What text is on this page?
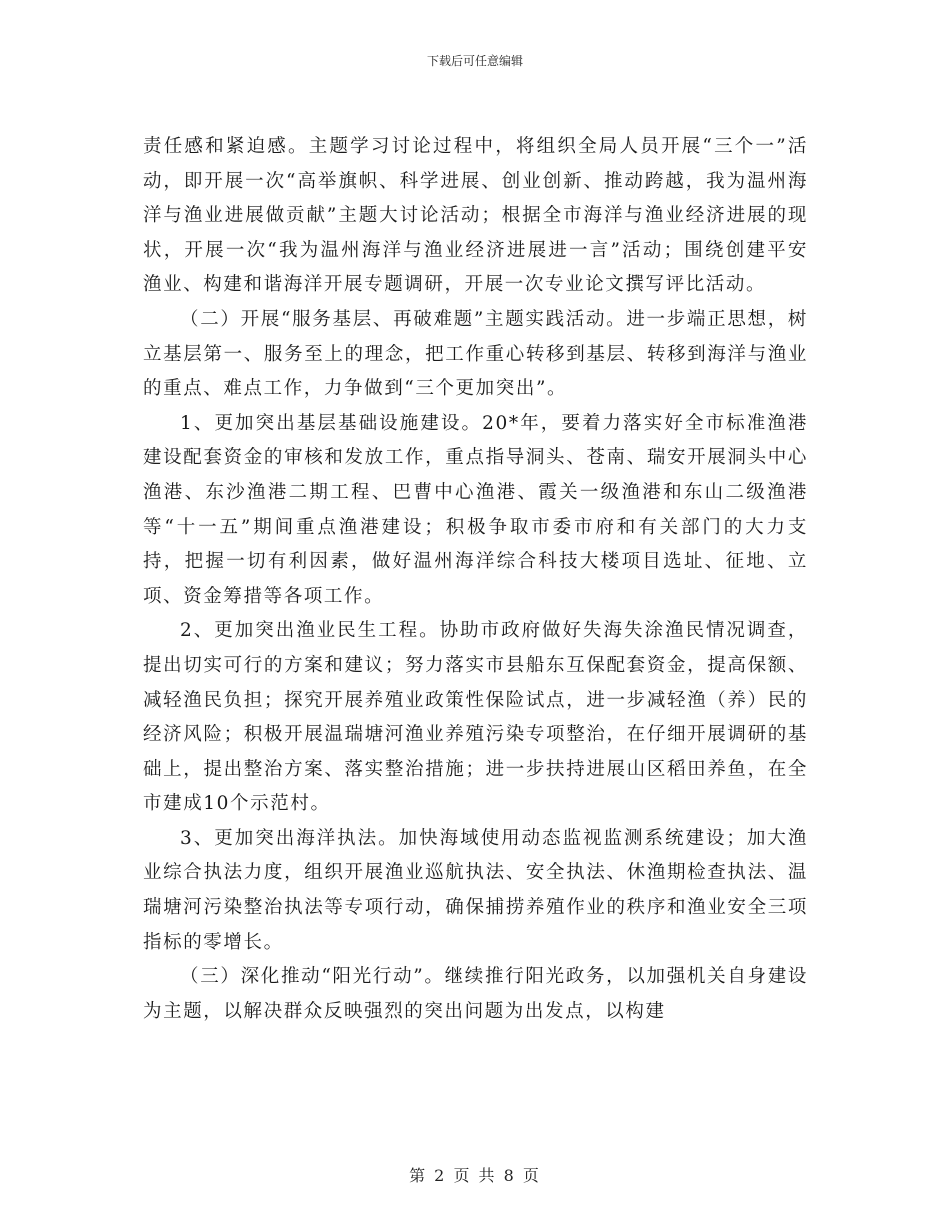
下载后可任意编辑

责任感和紧迫感。主题学习讨论过程中，将组织全局人员开展“三个一”活动，即开展一次“高举旗帜、科学进展、创业创新、推动跨越，我为温州海洋与渔业进展做贡献”主题大讨论活动；根据全市海洋与渔业经济进展的现状，开展一次“我为温州海洋与渔业经济进展进一言”活动；围绕创建平安渔业、构建和谐海洋开展专题调研，开展一次专业论文撰写评比活动。

（二）开展“服务基层、再破难题”主题实践活动。进一步端正思想，树立基层第一、服务至上的理念，把工作重心转移到基层、转移到海洋与渔业的重点、难点工作，力争做到“三个更加突出”。

1、更加突出基层基础设施建设。20*年，要着力落实好全市标准渔港建设配套资金的审核和发放工作，重点指导洞头、苍南、瑞安开展洞头中心渔港、东沙渔港二期工程、巴曹中心渔港、霞关一级渔港和东山二级渔港等“十一五”期间重点渔港建设；积极争取市委市府和有关部门的大力支持，把握一切有利因素，做好温州海洋综合科技大楼项目选址、征地、立项、资金筹措等各项工作。

2、更加突出渔业民生工程。协助市政府做好失海失涂渔民情况调查，提出切实可行的方案和建议；努力落实市县船东互保配套资金，提高保额、减轻渔民负担；探究开展养殖业政策性保险试点，进一步减轻渔（养）民的经济风险；积极开展温瑞塘河渔业养殖污染专项整治，在仔细开展调研的基础上，提出整治方案、落实整治措施；进一步扶持进展山区稻田养鱼，在全市建成10个示范村。

3、更加突出海洋执法。加快海域使用动态监视监测系统建设；加大渔业综合执法力度，组织开展渔业巡航执法、安全执法、休渔期检查执法、温瑞塘河污染整治执法等专项行动，确保捕捞养殖作业的秩序和渔业安全三项指标的零增长。

（三）深化推动“阳光行动”。继续推行阳光政务，以加强机关自身建设为主题，以解决群众反映强烈的突出问题为出发点，以构建

第 2 页 共 8 页
